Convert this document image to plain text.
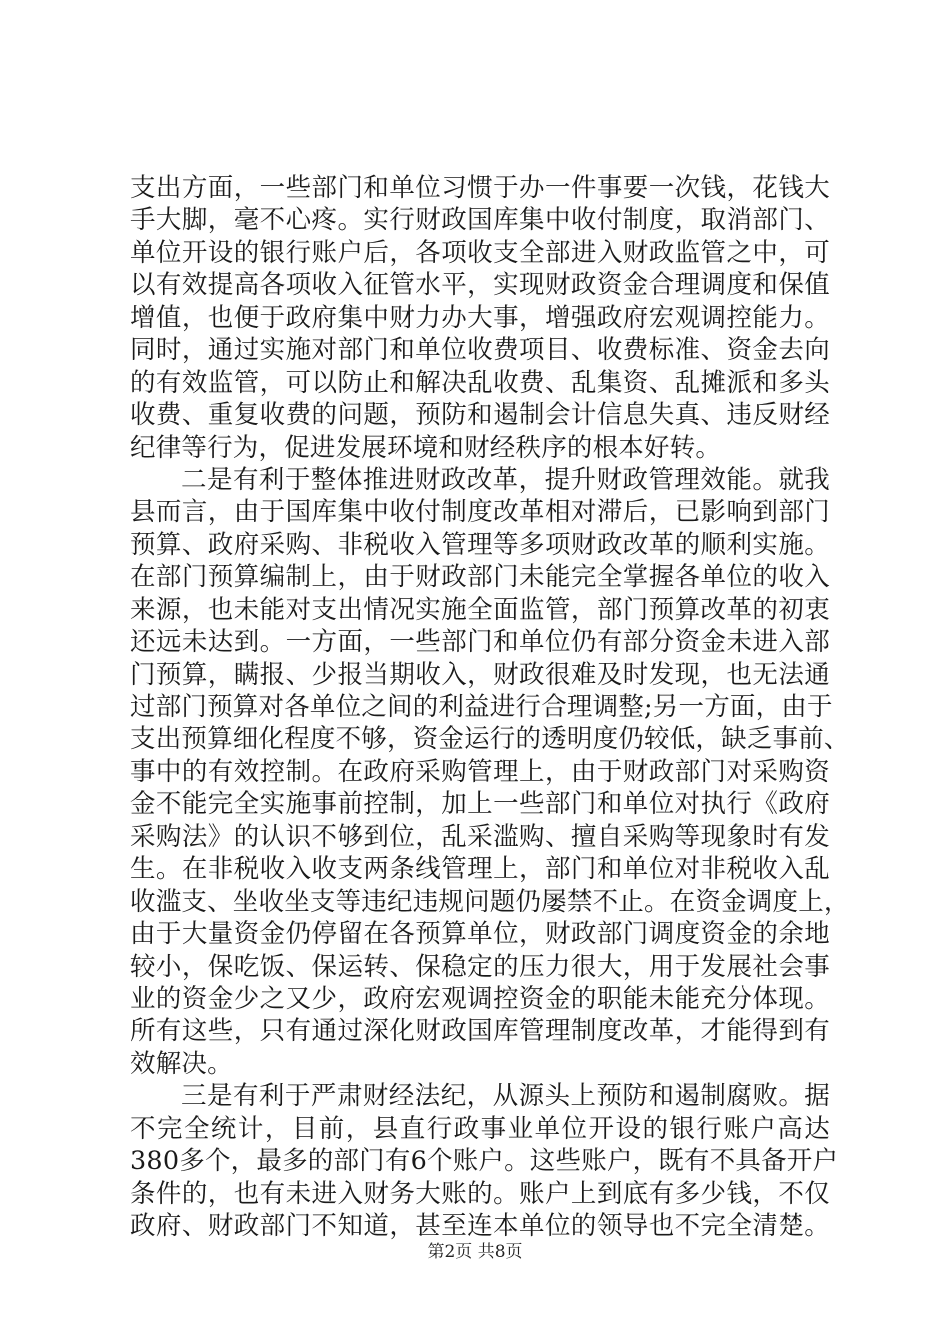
支出方面，一些部门和单位习惯于办一件事要一次钱，花钱大
手大脚，毫不心疼。实行财政国库集中收付制度，取消部门、
单位开设的银行账户后，各项收支全部进入财政监管之中，可
以有效提高各项收入征管水平，实现财政资金合理调度和保值
增值，也便于政府集中财力办大事，增强政府宏观调控能力。
同时，通过实施对部门和单位收费项目、收费标准、资金去向
的有效监管，可以防止和解决乱收费、乱集资、乱摊派和多头
收费、重复收费的问题，预防和遏制会计信息失真、违反财经
纪律等行为，促进发展环境和财经秩序的根本好转。
二是有利于整体推进财政改革，提升财政管理效能。就我
县而言，由于国库集中收付制度改革相对滞后，已影响到部门
预算、政府采购、非税收入管理等多项财政改革的顺利实施。
在部门预算编制上，由于财政部门未能完全掌握各单位的收入
来源，也未能对支出情况实施全面监管，部门预算改革的初衷
还远未达到。一方面，一些部门和单位仍有部分资金未进入部
门预算，瞒报、少报当期收入，财政很难及时发现，也无法通
过部门预算对各单位之间的利益进行合理调整;另一方面，由于
支出预算细化程度不够，资金运行的透明度仍较低，缺乏事前、
事中的有效控制。在政府采购管理上，由于财政部门对采购资
金不能完全实施事前控制，加上一些部门和单位对执行《政府
采购法》的认识不够到位，乱采滥购、擅自采购等现象时有发
生。在非税收入收支两条线管理上，部门和单位对非税收入乱
收滥支、坐收坐支等违纪违规问题仍屡禁不止。在资金调度上，
由于大量资金仍停留在各预算单位，财政部门调度资金的余地
较小，保吃饭、保运转、保稳定的压力很大，用于发展社会事
业的资金少之又少，政府宏观调控资金的职能未能充分体现。
所有这些，只有通过深化财政国库管理制度改革，才能得到有
效解决。
三是有利于严肃财经法纪，从源头上预防和遏制腐败。据
不完全统计，目前，县直行政事业单位开设的银行账户高达
380多个，最多的部门有6个账户。这些账户，既有不具备开户
条件的，也有未进入财务大账的。账户上到底有多少钱，不仅
政府、财政部门不知道，甚至连本单位的领导也不完全清楚。
第2页 共8页
